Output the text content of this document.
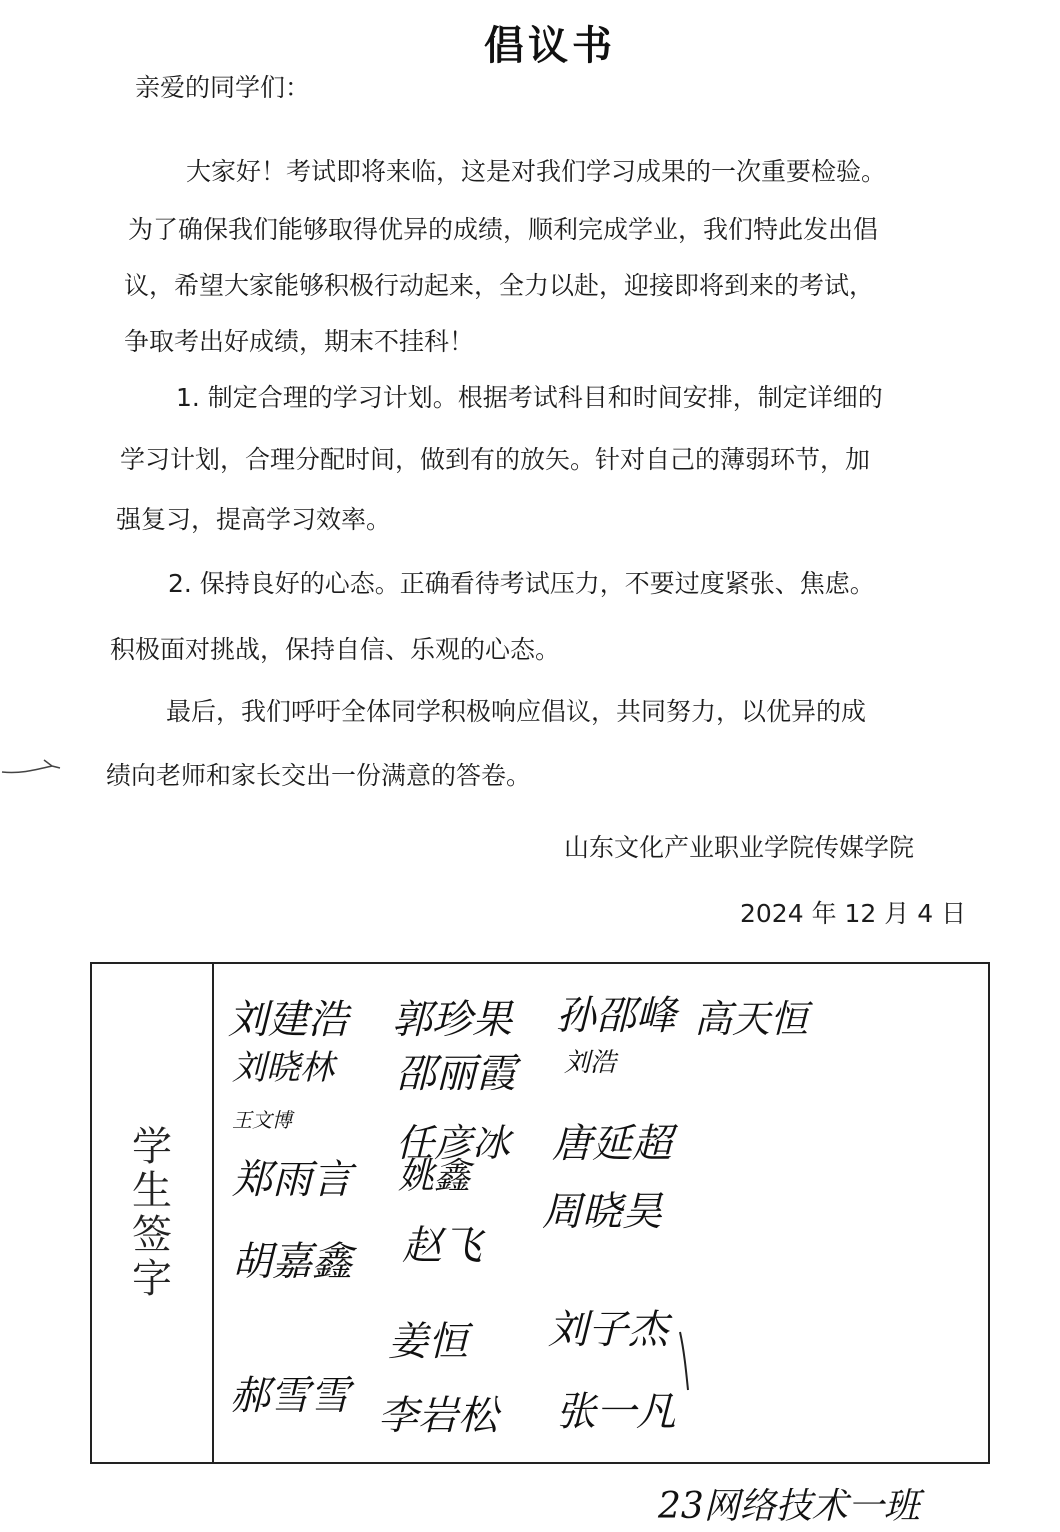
倡议书
亲爱的同学们：
大家好！考试即将来临，这是对我们学习成果的一次重要检验。
为了确保我们能够取得优异的成绩，顺利完成学业，我们特此发出倡
议，希望大家能够积极行动起来，全力以赴，迎接即将到来的考试，
争取考出好成绩，期末不挂科！
1. 制定合理的学习计划。根据考试科目和时间安排，制定详细的
学习计划，合理分配时间，做到有的放矢。针对自己的薄弱环节，加
强复习，提高学习效率。
2. 保持良好的心态。正确看待考试压力，不要过度紧张、焦虑。
积极面对挑战，保持自信、乐观的心态。
最后，我们呼吁全体同学积极响应倡议，共同努力，以优异的成
绩向老师和家长交出一份满意的答卷。
山东文化产业职业学院传媒学院
2024 年 12 月 4 日
学
生
签
字
刘建浩 郭珍果 孙邵峰 高天恒
刘晓林 邵丽霞 刘浩
王文博
任彦冰 唐延超
郑雨言 姚鑫
周晓昊
胡嘉鑫 赵飞
姜恒 刘子杰
郝雪雪 李岩松 张一凡
23网络技术一班
